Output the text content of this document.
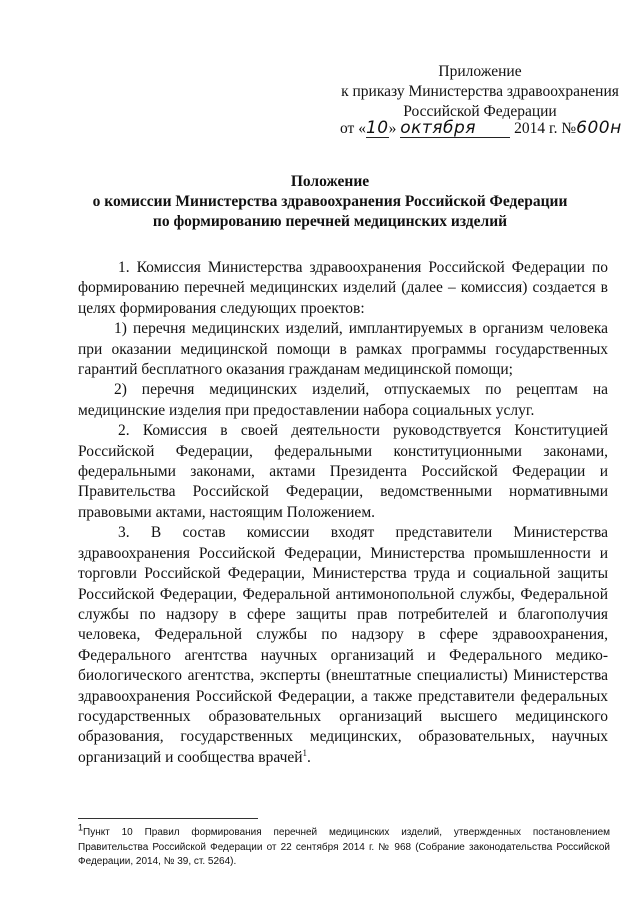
Приложение
к приказу Министерства здравоохранения
Российской Федерации
от «10» октября 2014 г. №600н
Положение
о комиссии Министерства здравоохранения Российской Федерации
по формированию перечней медицинских изделий

1. Комиссия Министерства здравоохранения Российской Федерации по формированию перечней медицинских изделий (далее – комиссия) создается в целях формирования следующих проектов:

1) перечня медицинских изделий, имплантируемых в организм человека при оказании медицинской помощи в рамках программы государственных гарантий бесплатного оказания гражданам медицинской помощи;

2) перечня медицинских изделий, отпускаемых по рецептам на медицинские изделия при предоставлении набора социальных услуг.

2. Комиссия в своей деятельности руководствуется Конституцией Российской Федерации, федеральными конституционными законами, федеральными законами, актами Президента Российской Федерации и Правительства Российской Федерации, ведомственными нормативными правовыми актами, настоящим Положением.

3. В состав комиссии входят представители Министерства здравоохранения Российской Федерации, Министерства промышленности и торговли Российской Федерации, Министерства труда и социальной защиты Российской Федерации, Федеральной антимонопольной службы, Федеральной службы по надзору в сфере защиты прав потребителей и благополучия человека, Федеральной службы по надзору в сфере здравоохранения, Федерального агентства научных организаций и Федерального медико-биологического агентства, эксперты (внештатные специалисты) Министерства здравоохранения Российской Федерации, а также представители федеральных государственных образовательных организаций высшего медицинского образования, государственных медицинских, образовательных, научных организаций и сообщества врачей$^1$.

$^1$Пункт 10 Правил формирования перечней медицинских изделий, утвержденных постановлением Правительства Российской Федерации от 22 сентября 2014 г. № 968 (Собрание законодательства Российской Федерации, 2014, № 39, ст. 5264).
